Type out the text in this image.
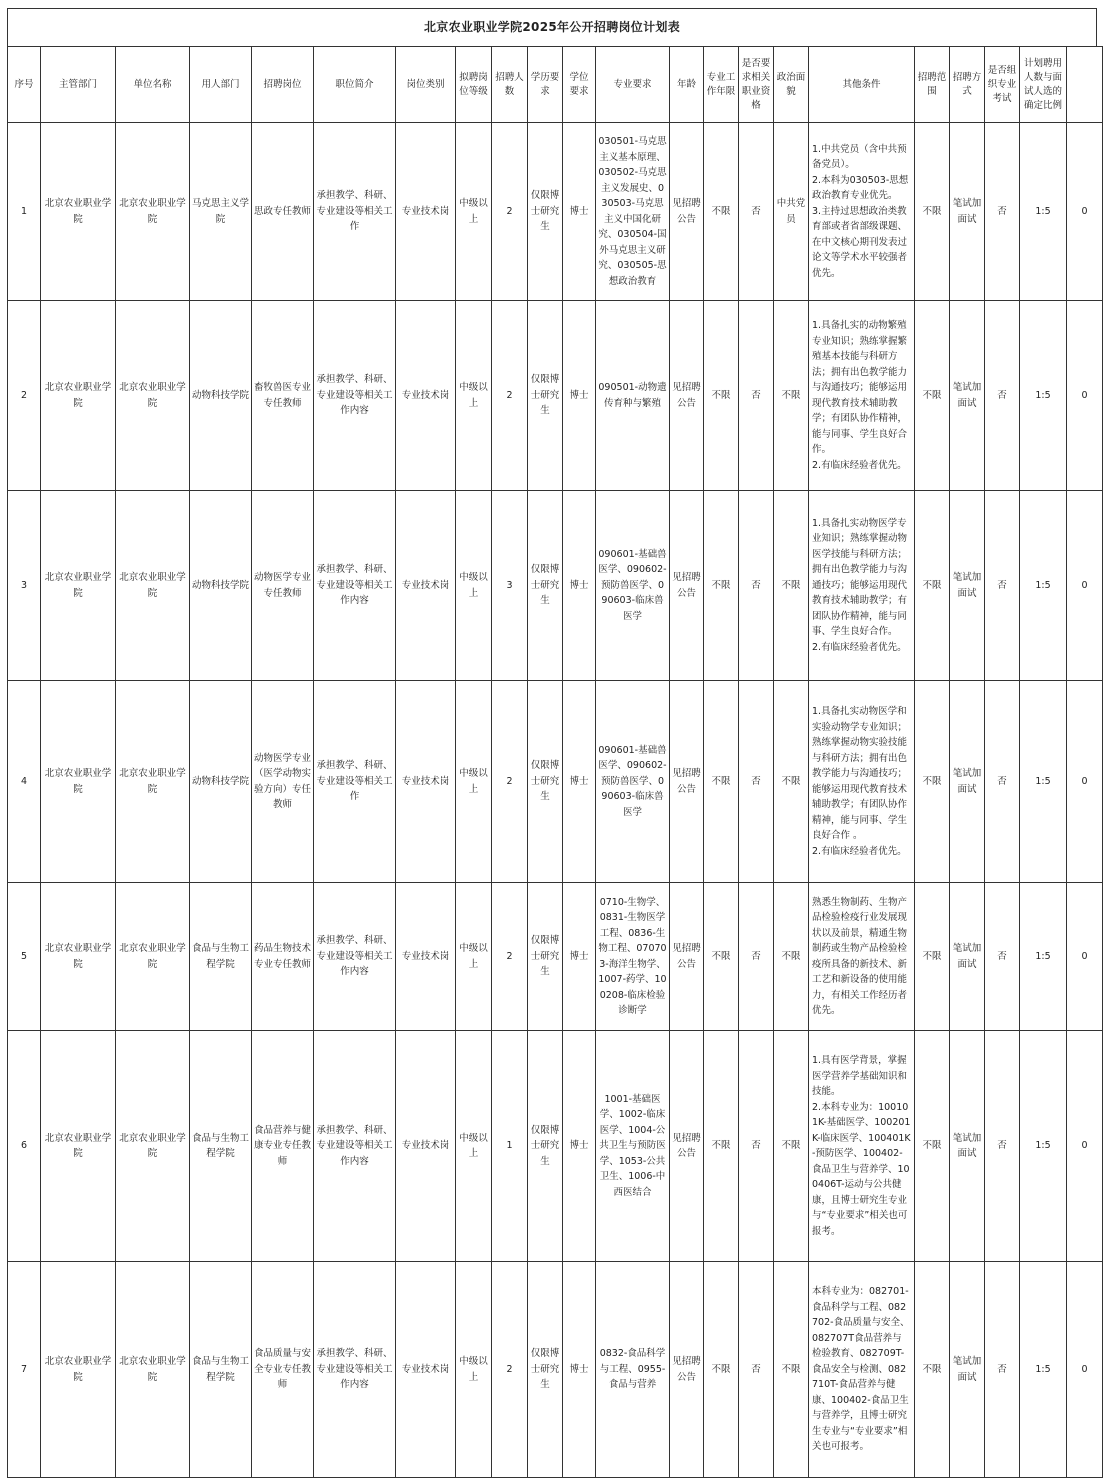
北京农业职业学院2025年公开招聘岗位计划表
序号	主管部门	单位名称	用人部门	招聘岗位	职位简介	岗位类别	拟聘岗位等级	招聘人数	学历要求	学位要求	专业要求	年龄	专业工作年限	是否要求相关职业资格	政治面貌	其他条件	招聘范围	招聘方式	是否组织专业考试	计划聘用人数与面试人选的确定比例	
1	北京农业职业学院	北京农业职业学院	马克思主义学院	思政专任教师	承担教学、科研、专业建设等相关工作	专业技术岗	中级以上	2	仅限博士研究生	博士	030501-马克思主义基本原理、030502-马克思主义发展史、030503-马克思主义中国化研究、030504-国外马克思主义研究、030505-思想政治教育	见招聘公告	不限	否	中共党员	1.中共党员（含中共预备党员）。

2.本科为030503-思想政治教育专业优先。

3.主持过思想政治类教育部或者省部级课题、在中文核心期刊发表过论文等学术水平较强者优先。	不限	笔试加面试	否	1:5	0
2	北京农业职业学院	北京农业职业学院	动物科技学院	畜牧兽医专业专任教师	承担教学、科研、专业建设等相关工作内容	专业技术岗	中级以上	2	仅限博士研究生	博士	090501-动物遗传育种与繁殖	见招聘公告	不限	否	不限	1.具备扎实的动物繁殖专业知识；熟练掌握繁殖基本技能与科研方法；拥有出色教学能力与沟通技巧；能够运用现代教育技术辅助教学；有团队协作精神，能与同事、学生良好合作。

2.有临床经验者优先。	不限	笔试加面试	否	1:5	0
3	北京农业职业学院	北京农业职业学院	动物科技学院	动物医学专业专任教师	承担教学、科研、专业建设等相关工作内容	专业技术岗	中级以上	3	仅限博士研究生	博士	090601-基础兽医学、090602-预防兽医学、090603-临床兽医学	见招聘公告	不限	否	不限	1.具备扎实动物医学专业知识；熟练掌握动物医学技能与科研方法；拥有出色教学能力与沟通技巧；能够运用现代教育技术辅助教学；有团队协作精神，能与同事、学生良好合作。

2.有临床经验者优先。	不限	笔试加面试	否	1:5	0
4	北京农业职业学院	北京农业职业学院	动物科技学院	动物医学专业（医学动物实验方向）专任教师	承担教学、科研、专业建设等相关工作	专业技术岗	中级以上	2	仅限博士研究生	博士	090601-基础兽医学、090602-预防兽医学、090603-临床兽医学	见招聘公告	不限	否	不限	1.具备扎实动物医学和实验动物学专业知识；熟练掌握动物实验技能与科研方法；拥有出色教学能力与沟通技巧；能够运用现代教育技术辅助教学；有团队协作精神，能与同事、学生良好合作 。

2.有临床经验者优先。	不限	笔试加面试	否	1:5	0
5	北京农业职业学院	北京农业职业学院	食品与生物工程学院	药品生物技术专业专任教师	承担教学、科研、专业建设等相关工作内容	专业技术岗	中级以上	2	仅限博士研究生	博士	0710-生物学、0831-生物医学工程、0836-生物工程、070703-海洋生物学、1007-药学、100208-临床检验诊断学	见招聘公告	不限	否	不限	熟悉生物制药、生物产品检验检疫行业发展现状以及前景，精通生物制药或生物产品检验检疫所具备的新技术、新工艺和新设备的使用能力，有相关工作经历者优先。	不限	笔试加面试	否	1:5	0
6	北京农业职业学院	北京农业职业学院	食品与生物工程学院	食品营养与健康专业专任教师	承担教学、科研、专业建设等相关工作内容	专业技术岗	中级以上	1	仅限博士研究生	博士	1001-基础医学、1002-临床医学、1004-公共卫生与预防医学、1053-公共卫生、1006-中西医结合	见招聘公告	不限	否	不限	1.具有医学背景，掌握医学营养学基础知识和技能。

2.本科专业为：100101K-基础医学、100201K-临床医学、100401K-预防医学、100402-食品卫生与营养学、100406T-运动与公共健康，且博士研究生专业与“专业要求”相关也可报考。	不限	笔试加面试	否	1:5	0
7	北京农业职业学院	北京农业职业学院	食品与生物工程学院	食品质量与安全专业专任教师	承担教学、科研、专业建设等相关工作内容	专业技术岗	中级以上	2	仅限博士研究生	博士	0832-食品科学与工程、0955-食品与营养	见招聘公告	不限	否	不限	本科专业为：082701-食品科学与工程、082702-食品质量与安全、082707T食品营养与检验教育、082709T-食品安全与检测、082710T-食品营养与健康、100402-食品卫生与营养学，且博士研究生专业与“专业要求”相关也可报考。	不限	笔试加面试	否	1:5	0
